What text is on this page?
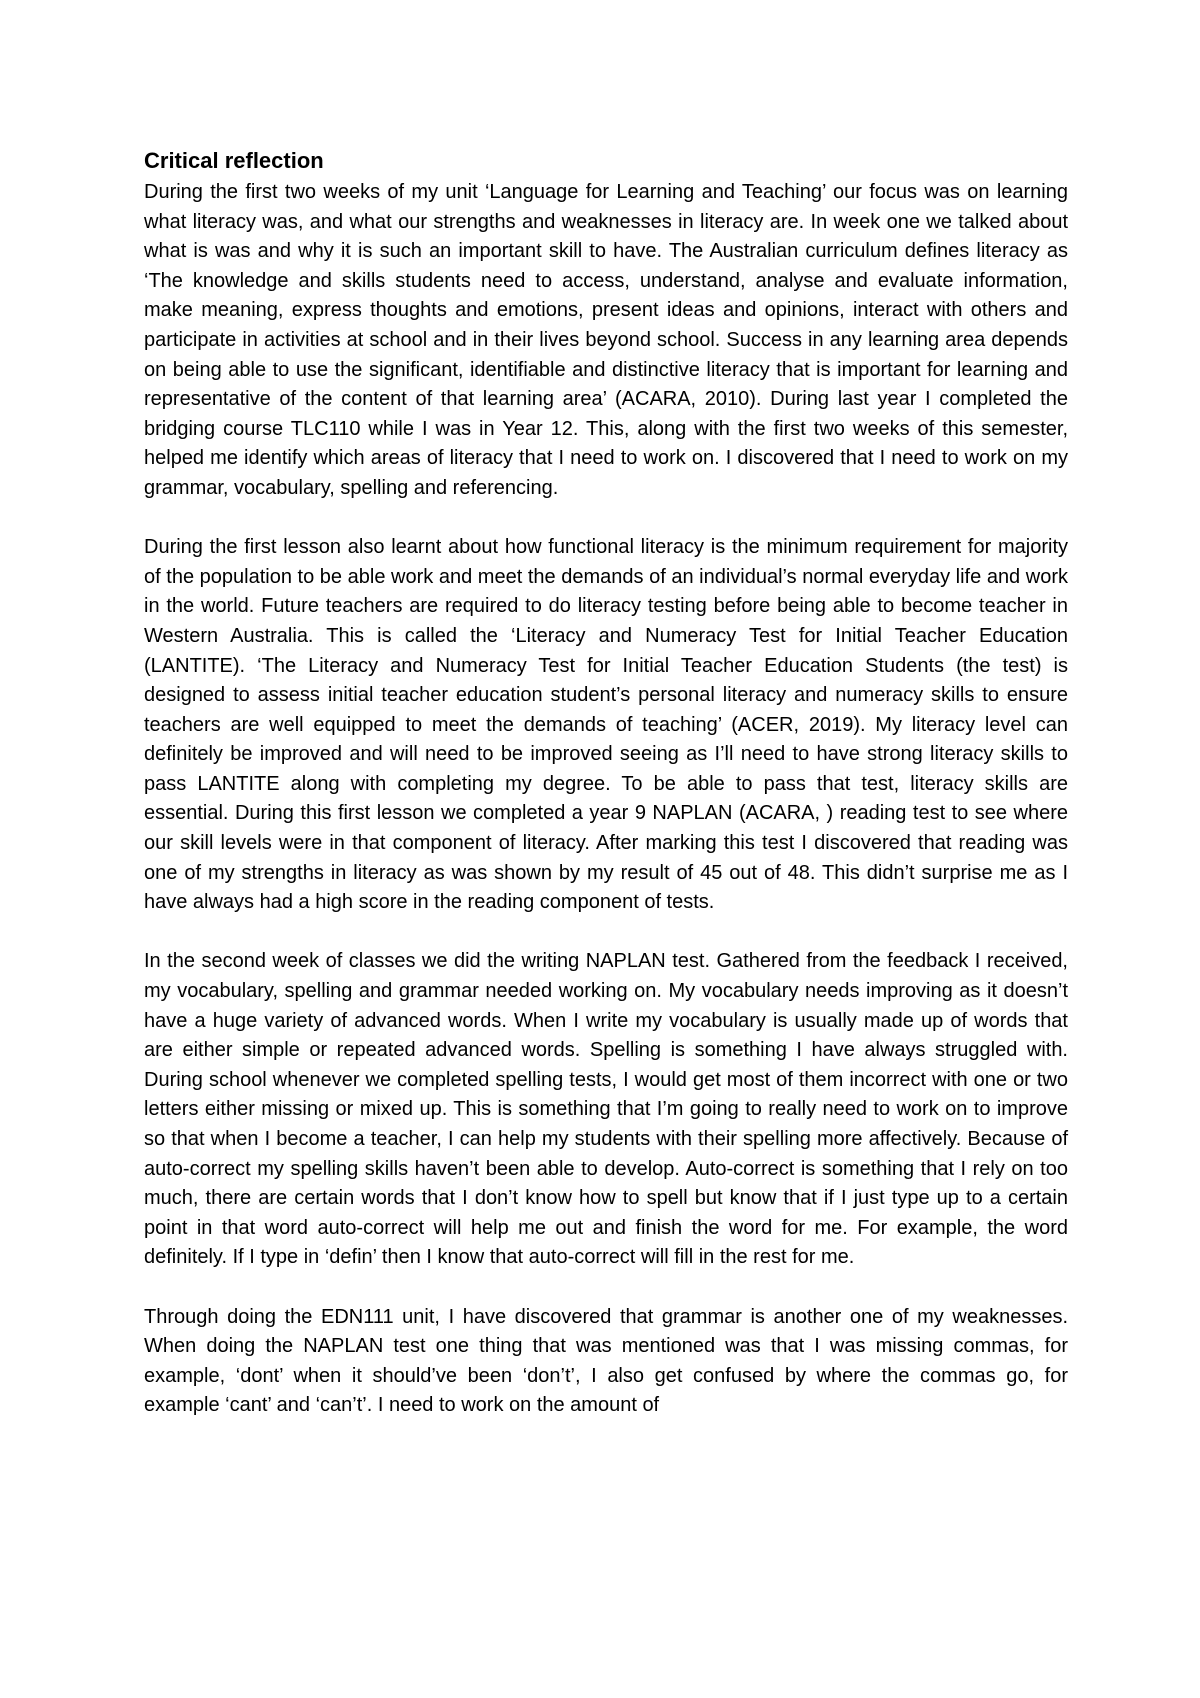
Critical reflection

During the first two weeks of my unit ‘Language for Learning and Teaching’ our focus was on learning what literacy was, and what our strengths and weaknesses in literacy are. In week one we talked about what is was and why it is such an important skill to have. The Australian curriculum defines literacy as ‘The knowledge and skills students need to access, understand, analyse and evaluate information, make meaning, express thoughts and emotions, present ideas and opinions, interact with others and participate in activities at school and in their lives beyond school. Success in any learning area depends on being able to use the significant, identifiable and distinctive literacy that is important for learning and representative of the content of that learning area’ (ACARA, 2010). During last year I completed the bridging course TLC110 while I was in Year 12. This, along with the first two weeks of this semester, helped me identify which areas of literacy that I need to work on. I discovered that I need to work on my grammar, vocabulary, spelling and referencing.

During the first lesson also learnt about how functional literacy is the minimum requirement for majority of the population to be able work and meet the demands of an individual’s normal everyday life and work in the world. Future teachers are required to do literacy testing before being able to become teacher in Western Australia. This is called the ‘Literacy and Numeracy Test for Initial Teacher Education (LANTITE). ‘The Literacy and Numeracy Test for Initial Teacher Education Students (the test) is designed to assess initial teacher education student’s personal literacy and numeracy skills to ensure teachers are well equipped to meet the demands of teaching’ (ACER, 2019). My literacy level can definitely be improved and will need to be improved seeing as I’ll need to have strong literacy skills to pass LANTITE along with completing my degree. To be able to pass that test, literacy skills are essential. During this first lesson we completed a year 9 NAPLAN (ACARA, ) reading test to see where our skill levels were in that component of literacy. After marking this test I discovered that reading was one of my strengths in literacy as was shown by my result of 45 out of 48. This didn’t surprise me as I have always had a high score in the reading component of tests.

In the second week of classes we did the writing NAPLAN test. Gathered from the feedback I received, my vocabulary, spelling and grammar needed working on. My vocabulary needs improving as it doesn’t have a huge variety of advanced words. When I write my vocabulary is usually made up of words that are either simple or repeated advanced words. Spelling is something I have always struggled with. During school whenever we completed spelling tests, I would get most of them incorrect with one or two letters either missing or mixed up. This is something that I’m going to really need to work on to improve so that when I become a teacher, I can help my students with their spelling more affectively. Because of auto-correct my spelling skills haven’t been able to develop. Auto-correct is something that I rely on too much, there are certain words that I don’t know how to spell but know that if I just type up to a certain point in that word auto-correct will help me out and finish the word for me. For example, the word definitely. If I type in ‘defin’ then I know that auto-correct will fill in the rest for me.

Through doing the EDN111 unit, I have discovered that grammar is another one of my weaknesses. When doing the NAPLAN test one thing that was mentioned was that I was missing commas, for example, ‘dont’ when it should’ve been ‘don’t’, I also get confused by where the commas go, for example ‘cant’ and ‘can’t’. I need to work on the amount of
